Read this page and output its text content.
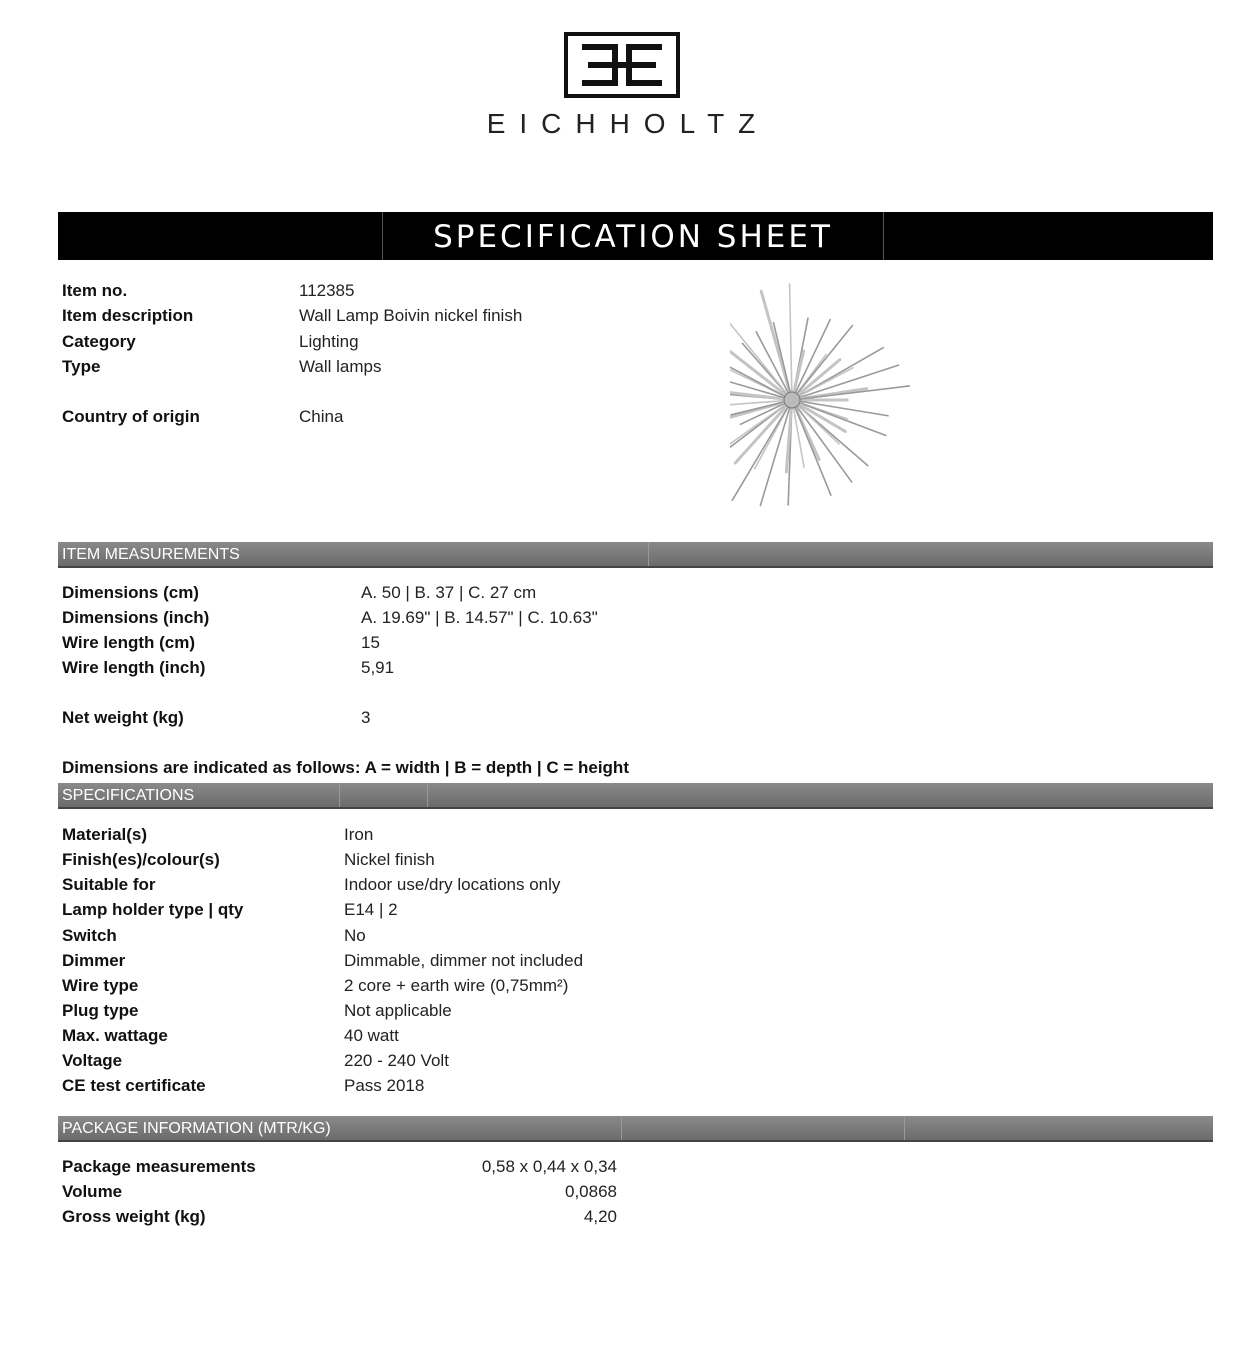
EICHHOLTZ
SPECIFICATION SHEET
Item no.	112385
Item description	Wall Lamp Boivin nickel finish
Category	Lighting
Type	Wall lamps
Country of origin	China
ITEM MEASUREMENTS
Dimensions (cm)	A. 50 | B. 37 | C. 27 cm
Dimensions (inch)	A. 19.69" | B. 14.57" | C. 10.63"
Wire length (cm)	15
Wire length (inch)	5,91
Net weight (kg)	3
Dimensions are indicated as follows: A = width | B = depth | C = height
SPECIFICATIONS
Material(s)	Iron
Finish(es)/colour(s)	Nickel finish
Suitable for	Indoor use/dry locations only
Lamp holder type | qty	E14 | 2
Switch	No
Dimmer	Dimmable, dimmer not included
Wire type	2 core + earth wire (0,75mm²)
Plug type	Not applicable
Max. wattage	40 watt
Voltage	220 - 240 Volt
CE test certificate	Pass 2018
PACKAGE INFORMATION (MTR/KG)
Package measurements	0,58 x 0,44 x 0,34
Volume	0,0868
Gross weight (kg)	4,20
